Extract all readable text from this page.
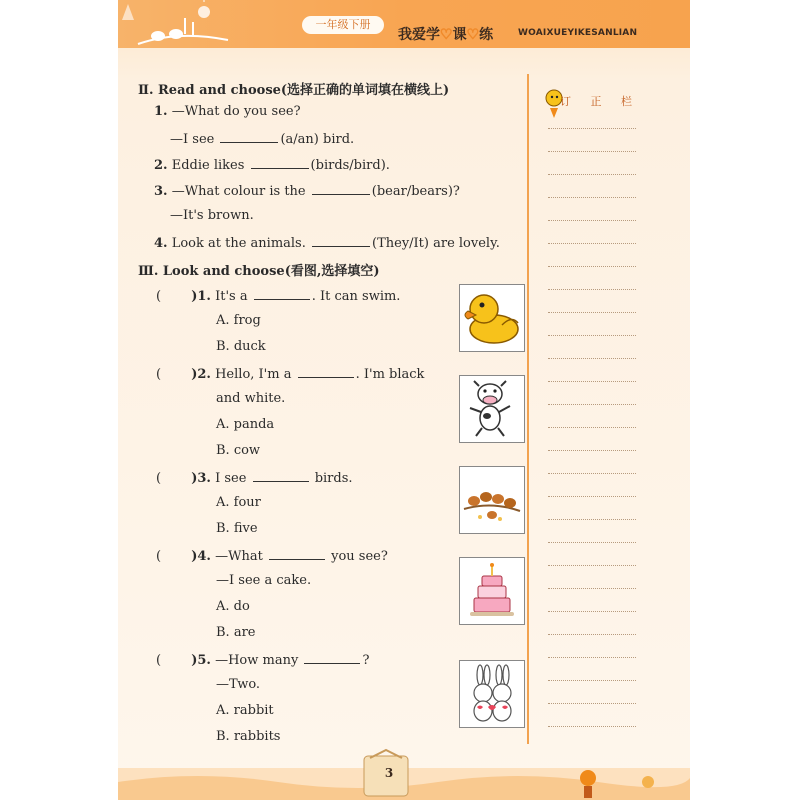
一年级下册
我爱学♡课♡练	WOAIXUEYIKESANLIAN
Ⅱ. Read and choose(选择正确的单词填在横线上)
1. —What do you see?
—I see	(a/an) bird.
2. Eddie likes	(birds/bird).
3. —What colour is the	(bear/bears)?
—It's brown.
4. Look at the animals.	(They/It) are lovely.
Ⅲ. Look and choose(看图,选择填空)
( )1. It's a	. It can swim.
A. frog
B. duck
( )2. Hello, I'm a	. I'm black
and white.
A. panda
B. cow
( )3. I see	birds.
A. four
B. five
( )4. —What	you see?
—I see a cake.
A. do
B. are
( )5. —How many	?
—Two.
A. rabbit
B. rabbits
订 正 栏
3
